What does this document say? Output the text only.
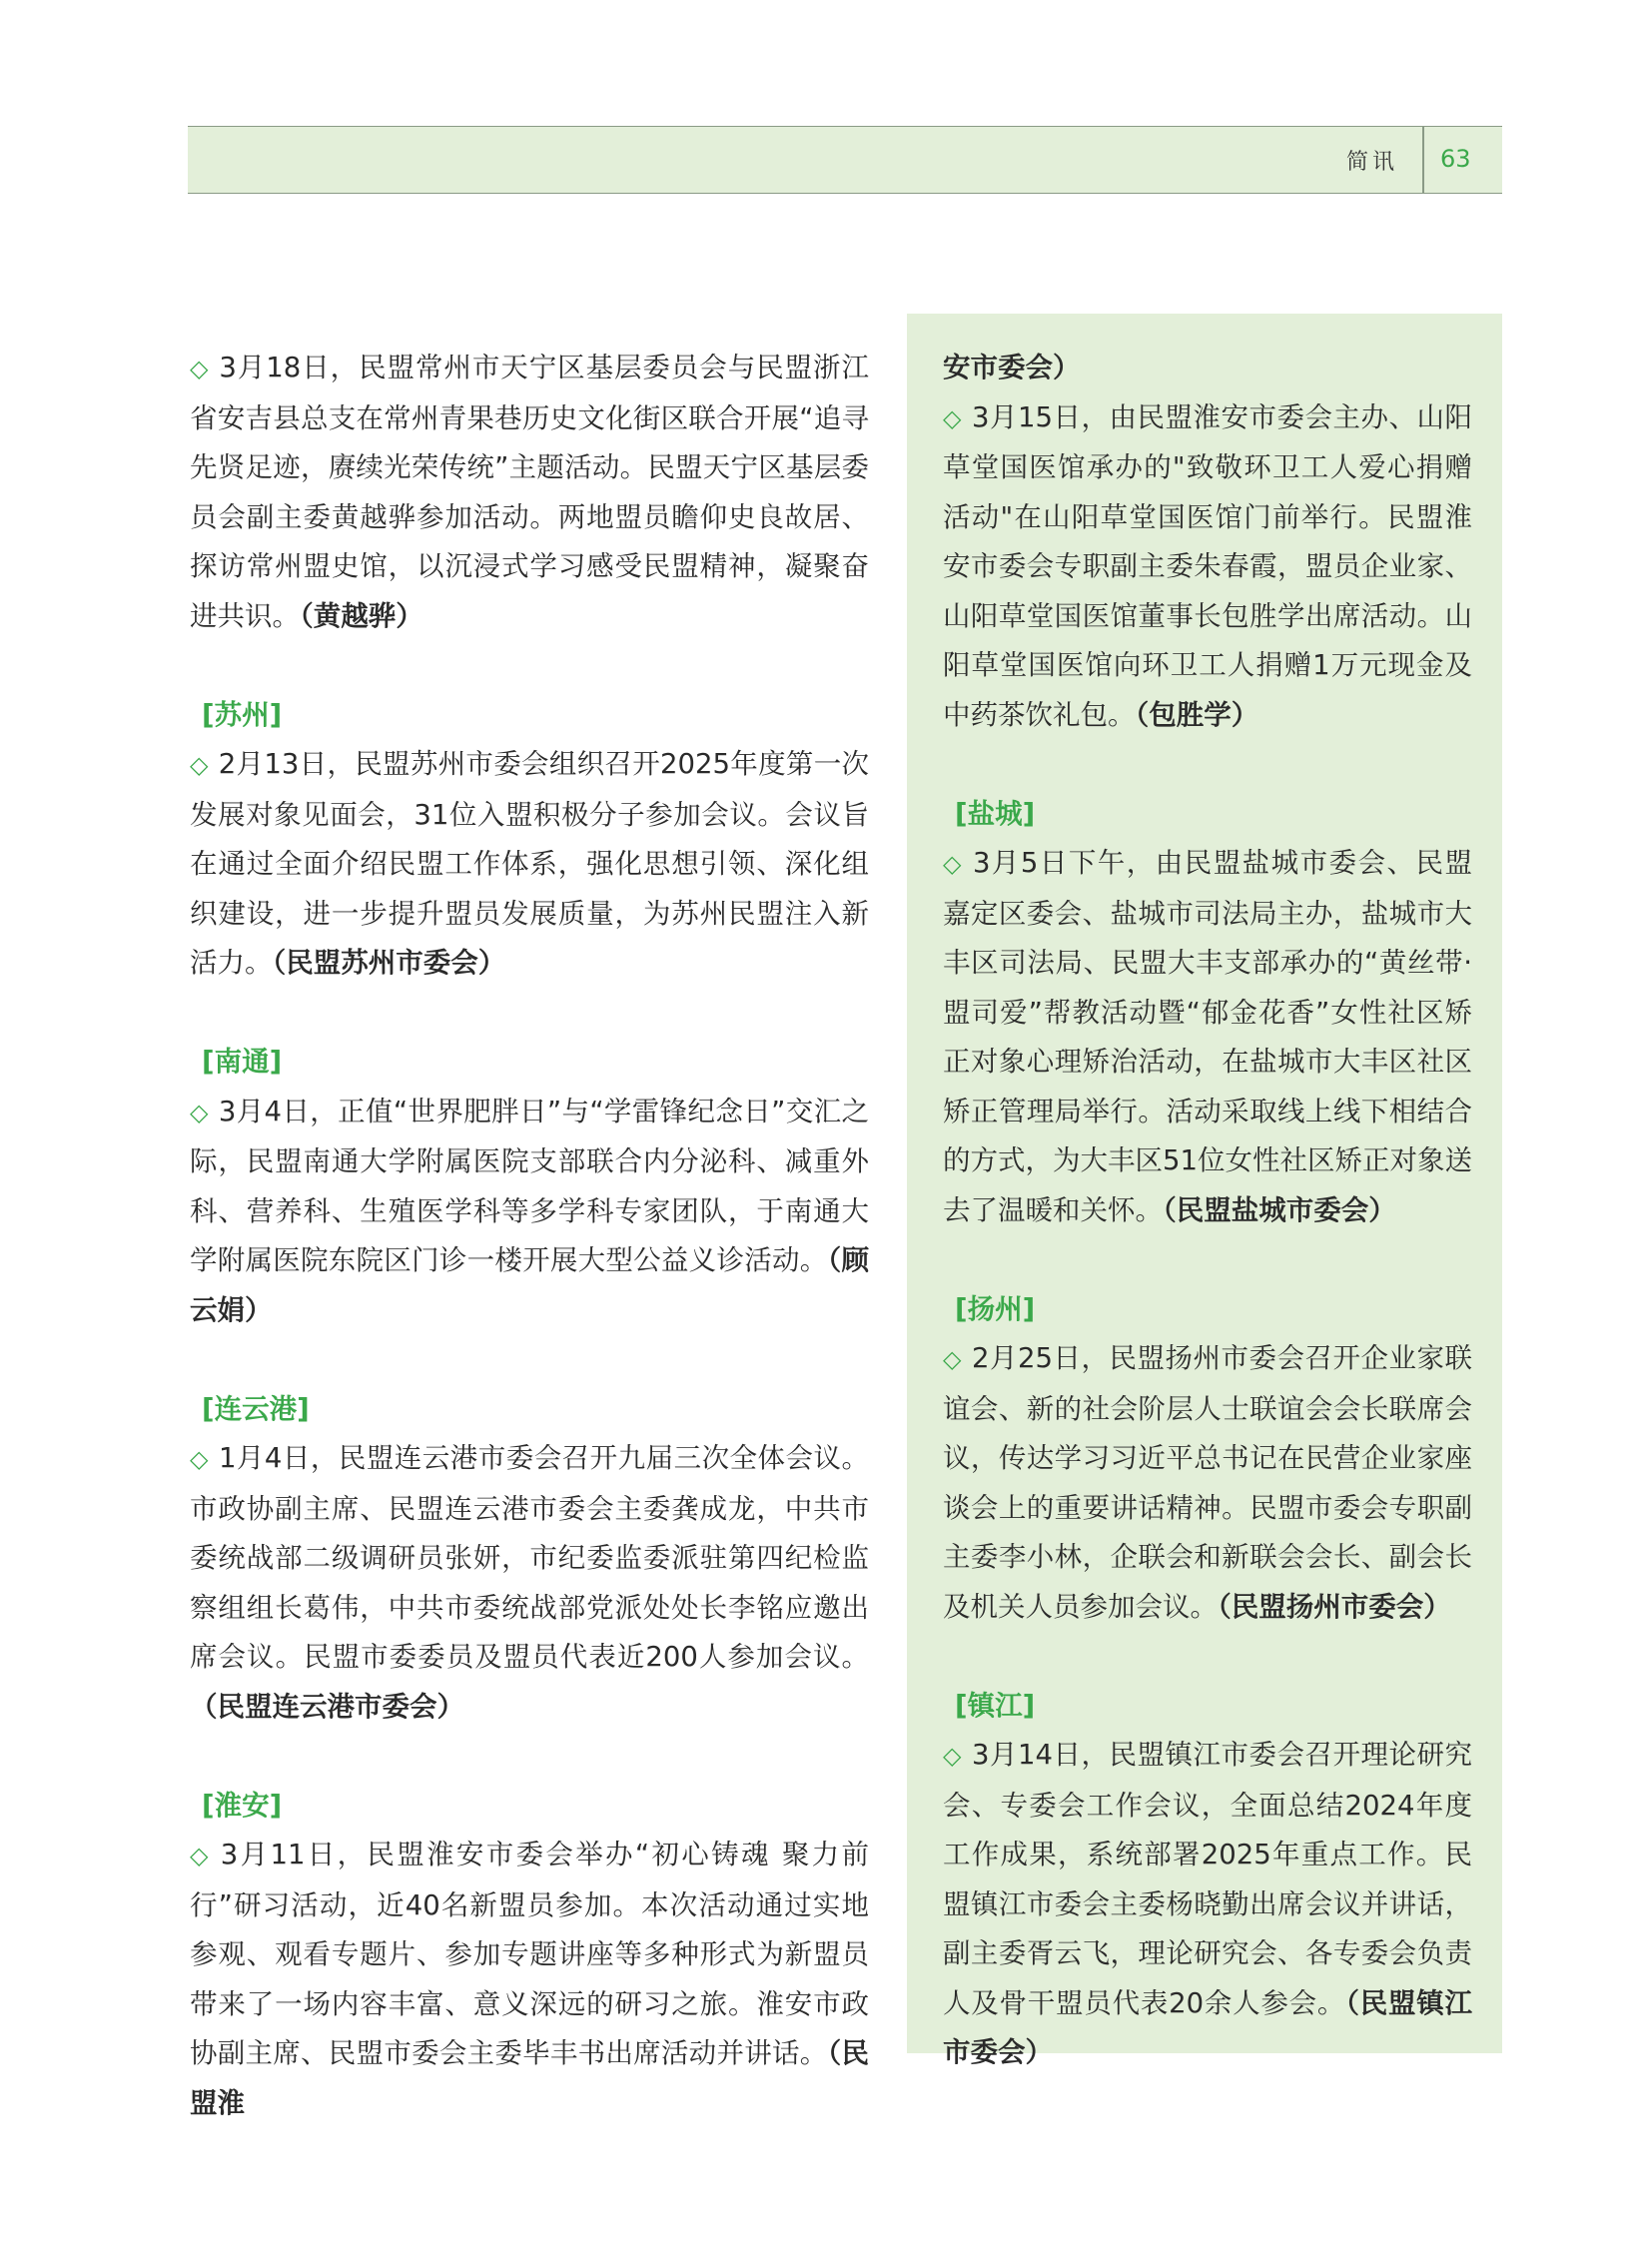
简讯 63

◇ 3月18日，民盟常州市天宁区基层委员会与民盟浙江省安吉县总支在常州青果巷历史文化街区联合开展“追寻先贤足迹，赓续光荣传统”主题活动。民盟天宁区基层委员会副主委黄越骅参加活动。两地盟员瞻仰史良故居、探访常州盟史馆，以沉浸式学习感受民盟精神，凝聚奋进共识。（黄越骅）

[苏州]

◇ 2月13日，民盟苏州市委会组织召开2025年度第一次发展对象见面会，31位入盟积极分子参加会议。会议旨在通过全面介绍民盟工作体系，强化思想引领、深化组织建设，进一步提升盟员发展质量，为苏州民盟注入新活力。（民盟苏州市委会）

[南通]

◇ 3月4日，正值“世界肥胖日”与“学雷锋纪念日”交汇之际，民盟南通大学附属医院支部联合内分泌科、减重外科、营养科、生殖医学科等多学科专家团队，于南通大学附属医院东院区门诊一楼开展大型公益义诊活动。（顾云娟）

[连云港]

◇ 1月4日，民盟连云港市委会召开九届三次全体会议。市政协副主席、民盟连云港市委会主委龚成龙，中共市委统战部二级调研员张妍，市纪委监委派驻第四纪检监察组组长葛伟，中共市委统战部党派处处长李铭应邀出席会议。民盟市委委员及盟员代表近200人参加会议。（民盟连云港市委会）

[淮安]

◇ 3月11日，民盟淮安市委会举办“初心铸魂 聚力前行”研习活动，近40名新盟员参加。本次活动通过实地参观、观看专题片、参加专题讲座等多种形式为新盟员带来了一场内容丰富、意义深远的研习之旅。淮安市政协副主席、民盟市委会主委毕丰书出席活动并讲话。（民盟淮

安市委会）

◇ 3月15日，由民盟淮安市委会主办、山阳草堂国医馆承办的"致敬环卫工人爱心捐赠活动"在山阳草堂国医馆门前举行。民盟淮安市委会专职副主委朱春霞，盟员企业家、山阳草堂国医馆董事长包胜学出席活动。山阳草堂国医馆向环卫工人捐赠1万元现金及中药茶饮礼包。（包胜学）

[盐城]

◇ 3月5日下午，由民盟盐城市委会、民盟嘉定区委会、盐城市司法局主办，盐城市大丰区司法局、民盟大丰支部承办的“黄丝带·盟司爱”帮教活动暨“郁金花香”女性社区矫正对象心理矫治活动，在盐城市大丰区社区矫正管理局举行。活动采取线上线下相结合的方式，为大丰区51位女性社区矫正对象送去了温暖和关怀。（民盟盐城市委会）

[扬州]

◇ 2月25日，民盟扬州市委会召开企业家联谊会、新的社会阶层人士联谊会会长联席会议，传达学习习近平总书记在民营企业家座谈会上的重要讲话精神。民盟市委会专职副主委李小林，企联会和新联会会长、副会长及机关人员参加会议。（民盟扬州市委会）

[镇江]

◇ 3月14日，民盟镇江市委会召开理论研究会、专委会工作会议，全面总结2024年度工作成果，系统部署2025年重点工作。民盟镇江市委会主委杨晓勤出席会议并讲话，副主委胥云飞，理论研究会、各专委会负责人及骨干盟员代表20余人参会。（民盟镇江市委会）
